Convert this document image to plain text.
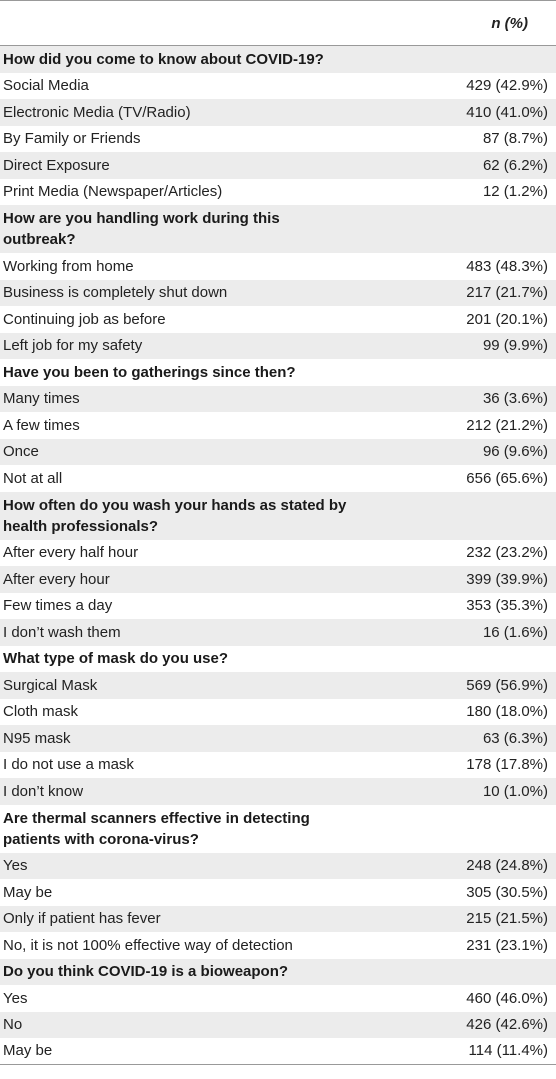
n (%)
How did you come to know about COVID-19?
Social Media	429 (42.9%)
Electronic Media (TV/Radio)	410 (41.0%)
By Family or Friends	87 (8.7%)
Direct Exposure	62 (6.2%)
Print Media (Newspaper/Articles)	12 (1.2%)
How are you handling work during this outbreak?
Working from home	483 (48.3%)
Business is completely shut down	217 (21.7%)
Continuing job as before	201 (20.1%)
Left job for my safety	99 (9.9%)
Have you been to gatherings since then?
Many times	36 (3.6%)
A few times	212 (21.2%)
Once	96 (9.6%)
Not at all	656 (65.6%)
How often do you wash your hands as stated by health professionals?
After every half hour	232 (23.2%)
After every hour	399 (39.9%)
Few times a day	353 (35.3%)
I don’t wash them	16 (1.6%)
What type of mask do you use?
Surgical Mask	569 (56.9%)
Cloth mask	180 (18.0%)
N95 mask	63 (6.3%)
I do not use a mask	178 (17.8%)
I don’t know	10 (1.0%)
Are thermal scanners effective in detecting patients with corona-virus?
Yes	248 (24.8%)
May be	305 (30.5%)
Only if patient has fever	215 (21.5%)
No, it is not 100% effective way of detection	231 (23.1%)
Do you think COVID-19 is a bioweapon?
Yes	460 (46.0%)
No	426 (42.6%)
May be	114 (11.4%)
